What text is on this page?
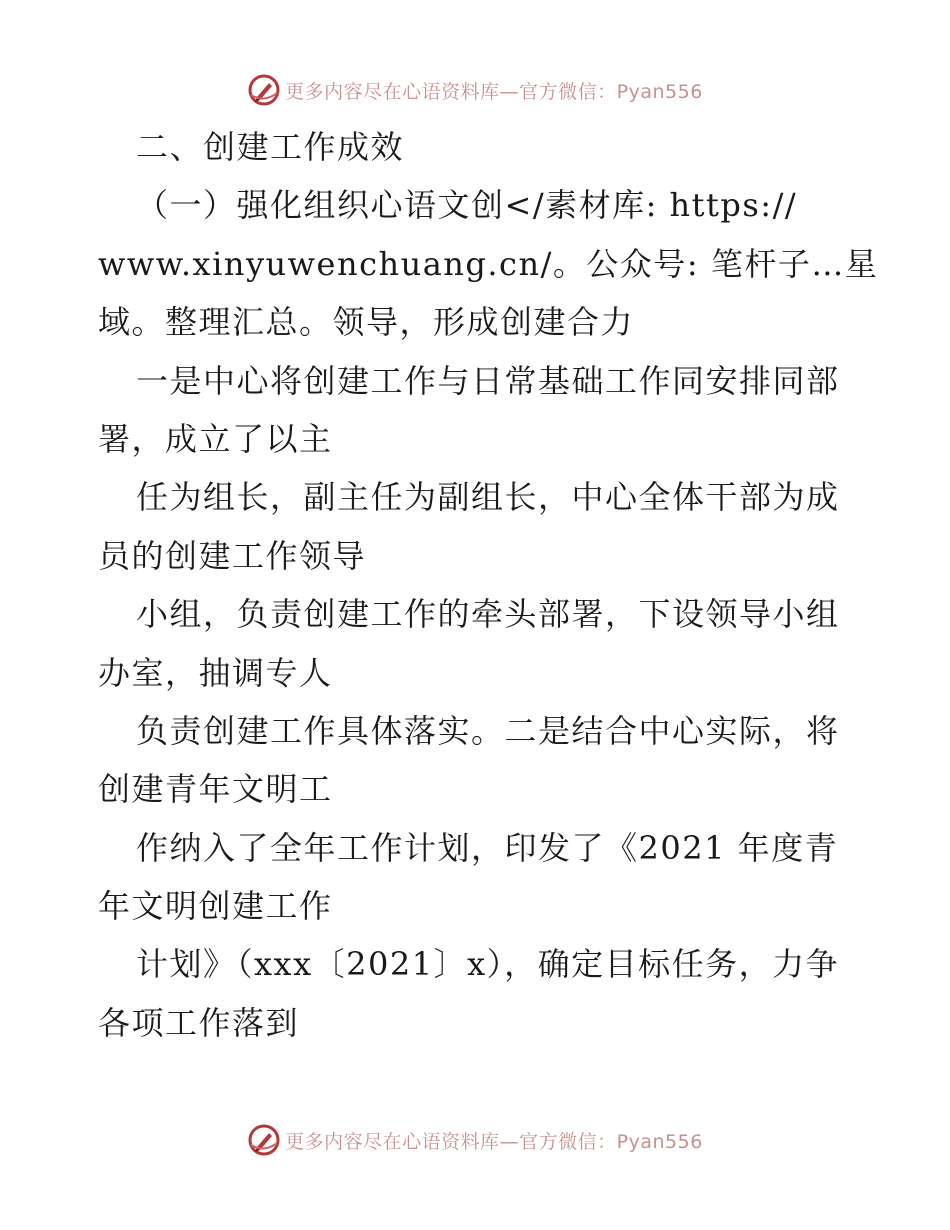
更多内容尽在心语资料库—官方微信：Pyan556
二、创建工作成效
（一）强化组织心语文创</素材库: https://
www.xinyuwenchuang.cn/。公众号: 笔杆子…星
域。整理汇总。领导，形成创建合力
一是中心将创建工作与日常基础工作同安排同部
署，成立了以主
任为组长，副主任为副组长，中心全体干部为成
员的创建工作领导
小组，负责创建工作的牵头部署，下设领导小组
办室，抽调专人
负责创建工作具体落实。二是结合中心实际，将
创建青年文明工
作纳入了全年工作计划，印发了《2021 年度青
年文明创建工作
计划》（xxx〔2021〕x），确定目标任务，力争
各项工作落到
更多内容尽在心语资料库—官方微信：Pyan556
